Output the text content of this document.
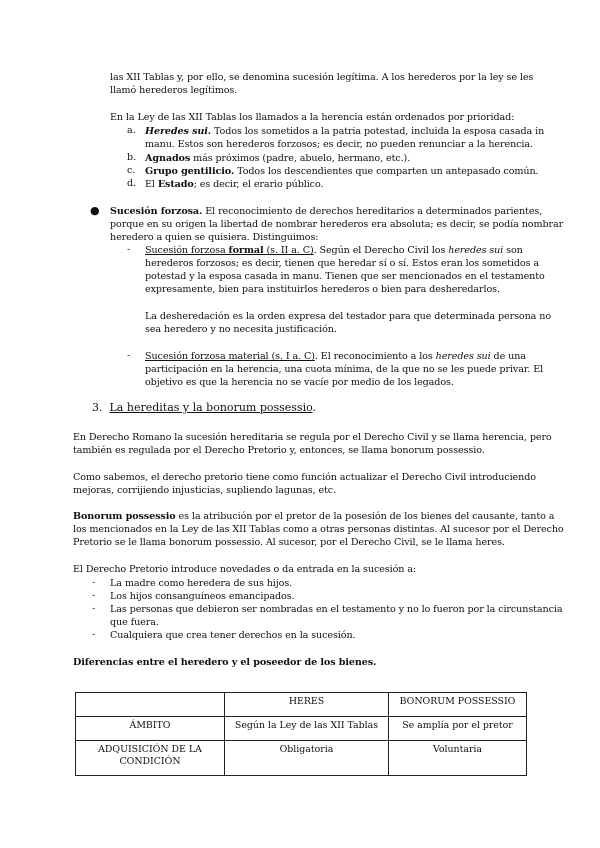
las XII Tablas y, por ello, se denomina sucesión legítima. A los herederos por la ley se les
llamó herederos legítimos.
En la Ley de las XII Tablas los llamados a la herencia están ordenados por prioridad:
a. Heredes sui. Todos los sometidos a la patria potestad, incluida la esposa casada in
manu. Estos son herederos forzosos; es decir, no pueden renunciar a la herencia.
b. Agnados más próximos (padre, abuelo, hermano, etc.).
c. Grupo gentilicio. Todos los descendientes que comparten un antepasado común.
d. El Estado; es decir, el erario público.
● Sucesión forzosa. El reconocimiento de derechos hereditarios a determinados parientes,
porque en su origen la libertad de nombrar herederos era absoluta; es decir, se podía nombrar
heredero a quien se quisiera. Distinguimos:
- Sucesión forzosa formal (s. II a. C). Según el Derecho Civil los heredes sui son
herederos forzosos; es decir, tienen que heredar sí o sí. Estos eran los sometidos a
potestad y la esposa casada in manu. Tienen que ser mencionados en el testamento
expresamente, bien para instituirlos herederos o bien para desheredarlos.
La desheredación es la orden expresa del testador para que determinada persona no
sea heredero y no necesita justificación.
- Sucesión forzosa material (s. I a. C). El reconocimiento a los heredes sui de una
participación en la herencia, una cuota mínima, de la que no se les puede privar. El
objetivo es que la herencia no se vacíe por medio de los legados.
3. La hereditas y la bonorum possessio.
En Derecho Romano la sucesión hereditaria se regula por el Derecho Civil y se llama herencia, pero
también es regulada por el Derecho Pretorio y, entonces, se llama bonorum possessio.
Como sabemos, el derecho pretorio tiene como función actualizar el Derecho Civil introduciendo
mejoras, corrijiendo injusticias, supliendo lagunas, etc.
Bonorum possessio es la atribución por el pretor de la posesión de los bienes del causante, tanto a
los mencionados en la Ley de las XII Tablas como a otras personas distintas. Al sucesor por el Derecho
Pretorio se le llama bonorum possessio. Al sucesor, por el Derecho Civil, se le llama heres.
El Derecho Pretorio introduce novedades o da entrada en la sucesión a:
- La madre como heredera de sus hijos.
- Los hijos consanguíneos emancipados.
- Las personas que debieron ser nombradas en el testamento y no lo fueron por la circunstancia
que fuera.
- Cualquiera que crea tener derechos en la sucesión.
Diferencias entre el heredero y el poseedor de los bienes.
	HERES	BONORUM POSSESSIO
ÁMBITO	Según la Ley de las XII Tablas	Se amplía por el pretor
ADQUISICIÓN DE LA CONDICIÓN	Obligatoria	Voluntaria
